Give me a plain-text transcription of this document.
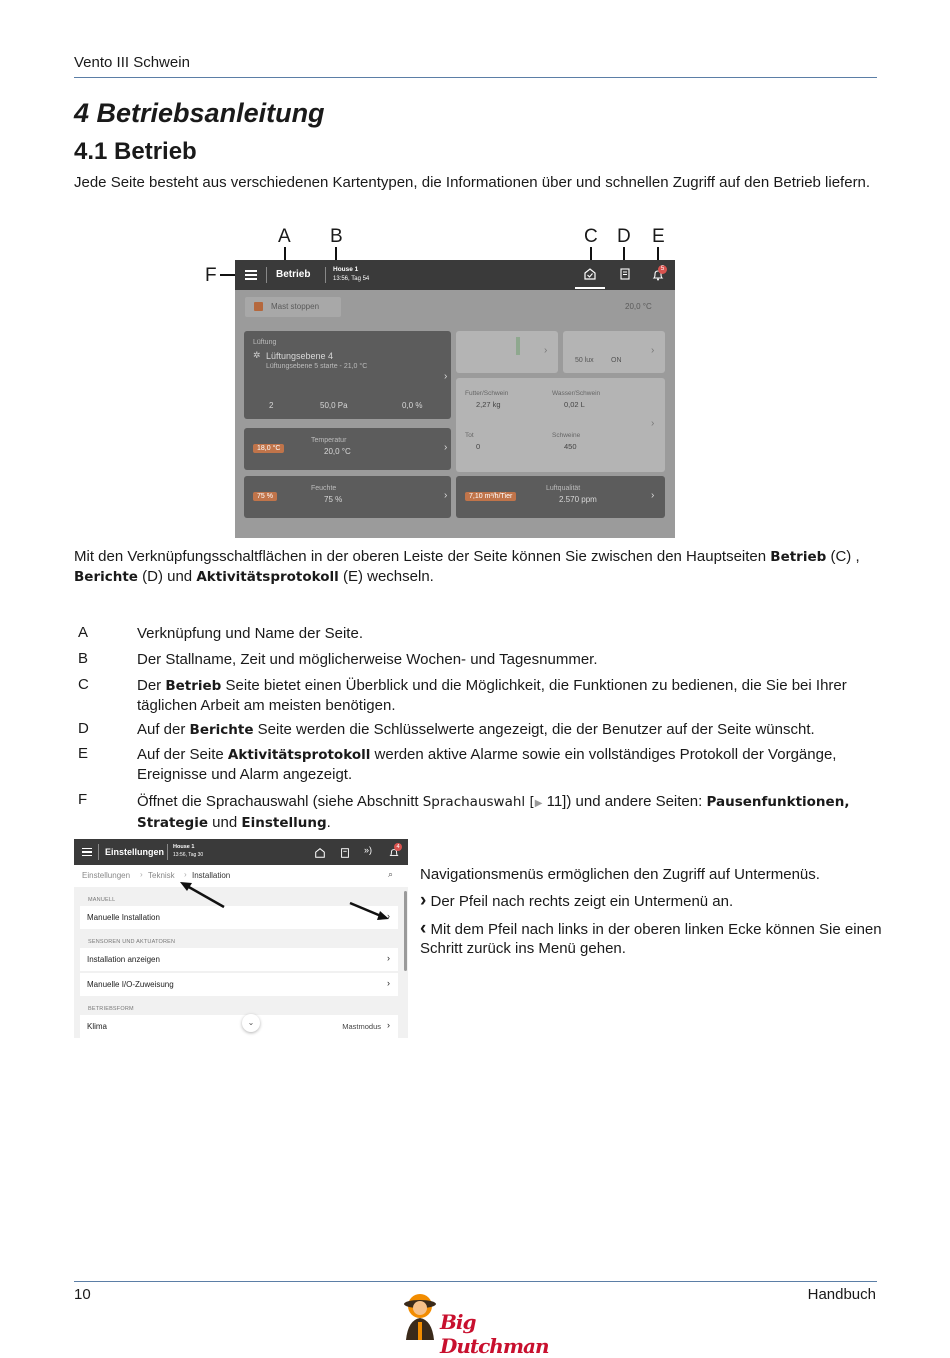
Vento III Schwein
4 Betriebsanleitung
4.1 Betrieb
Jede Seite besteht aus verschiedenen Kartentypen, die Informationen über und schnellen Zugriff auf den Betrieb liefern.
A B	C D E
F	Betrieb	House 1
13:56, Tag 54
5
Mast stoppen	20,0 °C
Lüftung
Lüftungsebene 4
✲
Lüftungsebene 5 starte - 21,0 °C
2	50,0 Pa	0,0 %
›
›
50 lux ON
›
Futter/Schwein
2,27 kg
Wasser/Schwein
0,02 L
Tot
0
Schweine
450
›
18,0 °C
Temperatur
20,0 °C	›
75 %
Feuchte
75 %	›	7,10 m³/h/Tier
Luftqualität
2.570 ppm	›
Mit den Verknüpfungsschaltflächen in der oberen Leiste der Seite können Sie zwischen den Hauptseiten Betrieb (C) , Berichte (D) und Aktivitätsprotokoll (E) wechseln.
A	Verknüpfung und Name der Seite.
B	Der Stallname, Zeit und möglicherweise Wochen- und Tagesnummer.
C	Der Betrieb Seite bietet einen Überblick und die Möglichkeit, die Funktionen zu bedienen, die Sie bei Ihrer täglichen Arbeit am meisten benötigen.
D	Auf der Berichte Seite werden die Schlüsselwerte angezeigt, die der Benutzer auf der Seite wünscht.
E	Auf der Seite Aktivitätsprotokoll werden aktive Alarme sowie ein vollständiges Protokoll der Vorgänge, Ereignisse und Alarm angezeigt.
F	Öffnet die Sprachauswahl (siehe Abschnitt Sprachauswahl [▶ 11]) und andere Seiten: Pausenfunktionen, Strategie und Einstellung.
Einstellungen House 1
13:56, Tag 30	»)	4
Einstellungen › Teknisk › Installation	⌕
MANUELL
Manuelle Installation	›
SENSOREN UND AKTUATOREN
Installation anzeigen	›
Manuelle I/O-Zuweisung	›
BETRIEBSFORM
Klima	Mastmodus ›
⌄
Navigationsmenüs ermöglichen den Zugriff auf Untermenüs.
› Der Pfeil nach rechts zeigt ein Untermenü an.
‹ Mit dem Pfeil nach links in der oberen linken Ecke können Sie einen Schritt zurück ins Menü gehen.
10	Handbuch
Big Dutchman
